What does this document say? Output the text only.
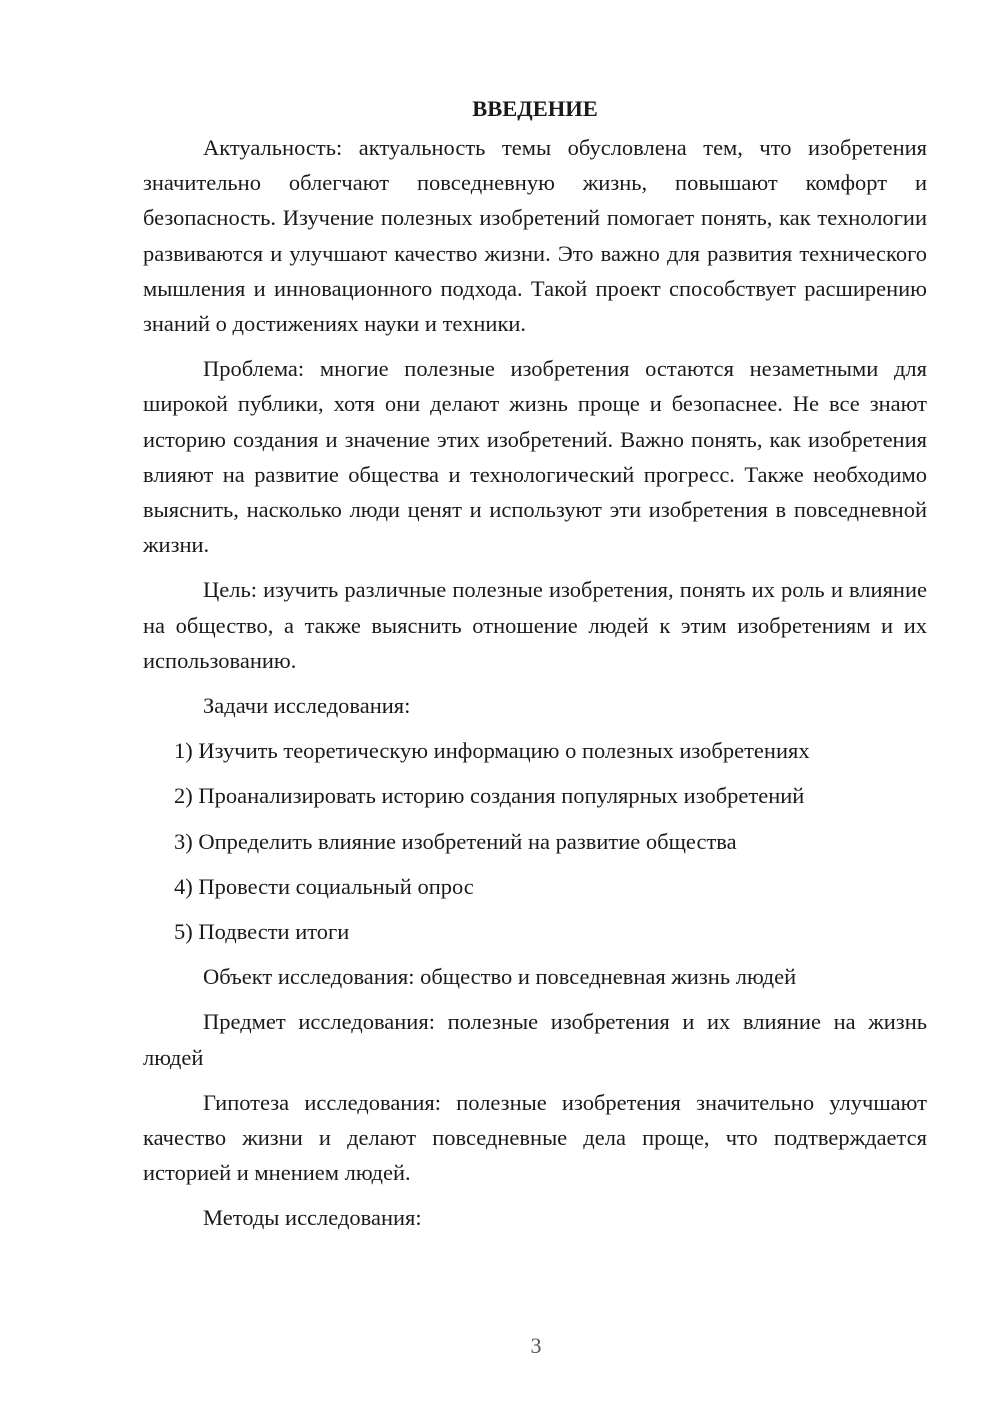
ВВЕДЕНИЕ

Актуальность: актуальность темы обусловлена тем, что изобретения значительно облегчают повседневную жизнь, повышают комфорт и безопасность. Изучение полезных изобретений помогает понять, как технологии развиваются и улучшают качество жизни. Это важно для развития технического мышления и инновационного подхода. Такой проект способствует расширению знаний о достижениях науки и техники.

Проблема: многие полезные изобретения остаются незаметными для широкой публики, хотя они делают жизнь проще и безопаснее. Не все знают историю создания и значение этих изобретений. Важно понять, как изобретения влияют на развитие общества и технологический прогресс. Также необходимо выяснить, насколько люди ценят и используют эти изобретения в повседневной жизни.

Цель: изучить различные полезные изобретения, понять их роль и влияние на общество, а также выяснить отношение людей к этим изобретениям и их использованию.

Задачи исследования:

1) Изучить теоретическую информацию о полезных изобретениях

2) Проанализировать историю создания популярных изобретений

3) Определить влияние изобретений на развитие общества

4) Провести социальный опрос

5) Подвести итоги

Объект исследования: общество и повседневная жизнь людей

Предмет исследования: полезные изобретения и их влияние на жизнь людей

Гипотеза исследования: полезные изобретения значительно улучшают качество жизни и делают повседневные дела проще, что подтверждается историей и мнением людей.

Методы исследования:

3
